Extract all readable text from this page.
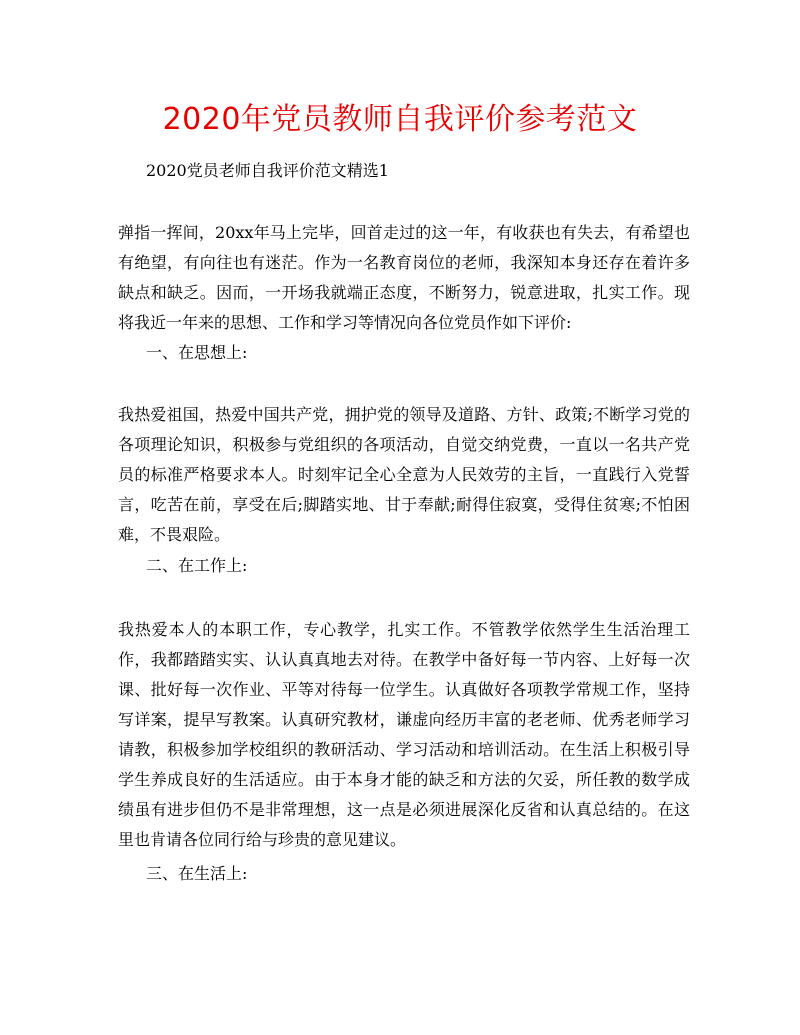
2020年党员教师自我评价参考范文
2020党员老师自我评价范文精选1
弹指一挥间，20xx年马上完毕，回首走过的这一年，有收获也有失去，有希望也有绝望，有向往也有迷茫。作为一名教育岗位的老师，我深知本身还存在着许多缺点和缺乏。因而，一开场我就端正态度，不断努力，锐意进取，扎实工作。现将我近一年来的思想、工作和学习等情况向各位党员作如下评价:
一、在思想上:
我热爱祖国，热爱中国共产党，拥护党的领导及道路、方针、政策;不断学习党的各项理论知识，积极参与党组织的各项活动，自觉交纳党费，一直以一名共产党员的标准严格要求本人。时刻牢记全心全意为人民效劳的主旨，一直践行入党誓言，吃苦在前，享受在后;脚踏实地、甘于奉献;耐得住寂寞，受得住贫寒;不怕困难，不畏艰险。
二、在工作上:
我热爱本人的本职工作，专心教学，扎实工作。不管教学依然学生生活治理工作，我都踏踏实实、认认真真地去对待。在教学中备好每一节内容、上好每一次课、批好每一次作业、平等对待每一位学生。认真做好各项教学常规工作，坚持写详案，提早写教案。认真研究教材，谦虚向经历丰富的老老师、优秀老师学习请教，积极参加学校组织的教研活动、学习活动和培训活动。在生活上积极引导学生养成良好的生活适应。由于本身才能的缺乏和方法的欠妥，所任教的数学成绩虽有进步但仍不是非常理想，这一点是必须进展深化反省和认真总结的。在这里也肯请各位同行给与珍贵的意见建议。
三、在生活上:
